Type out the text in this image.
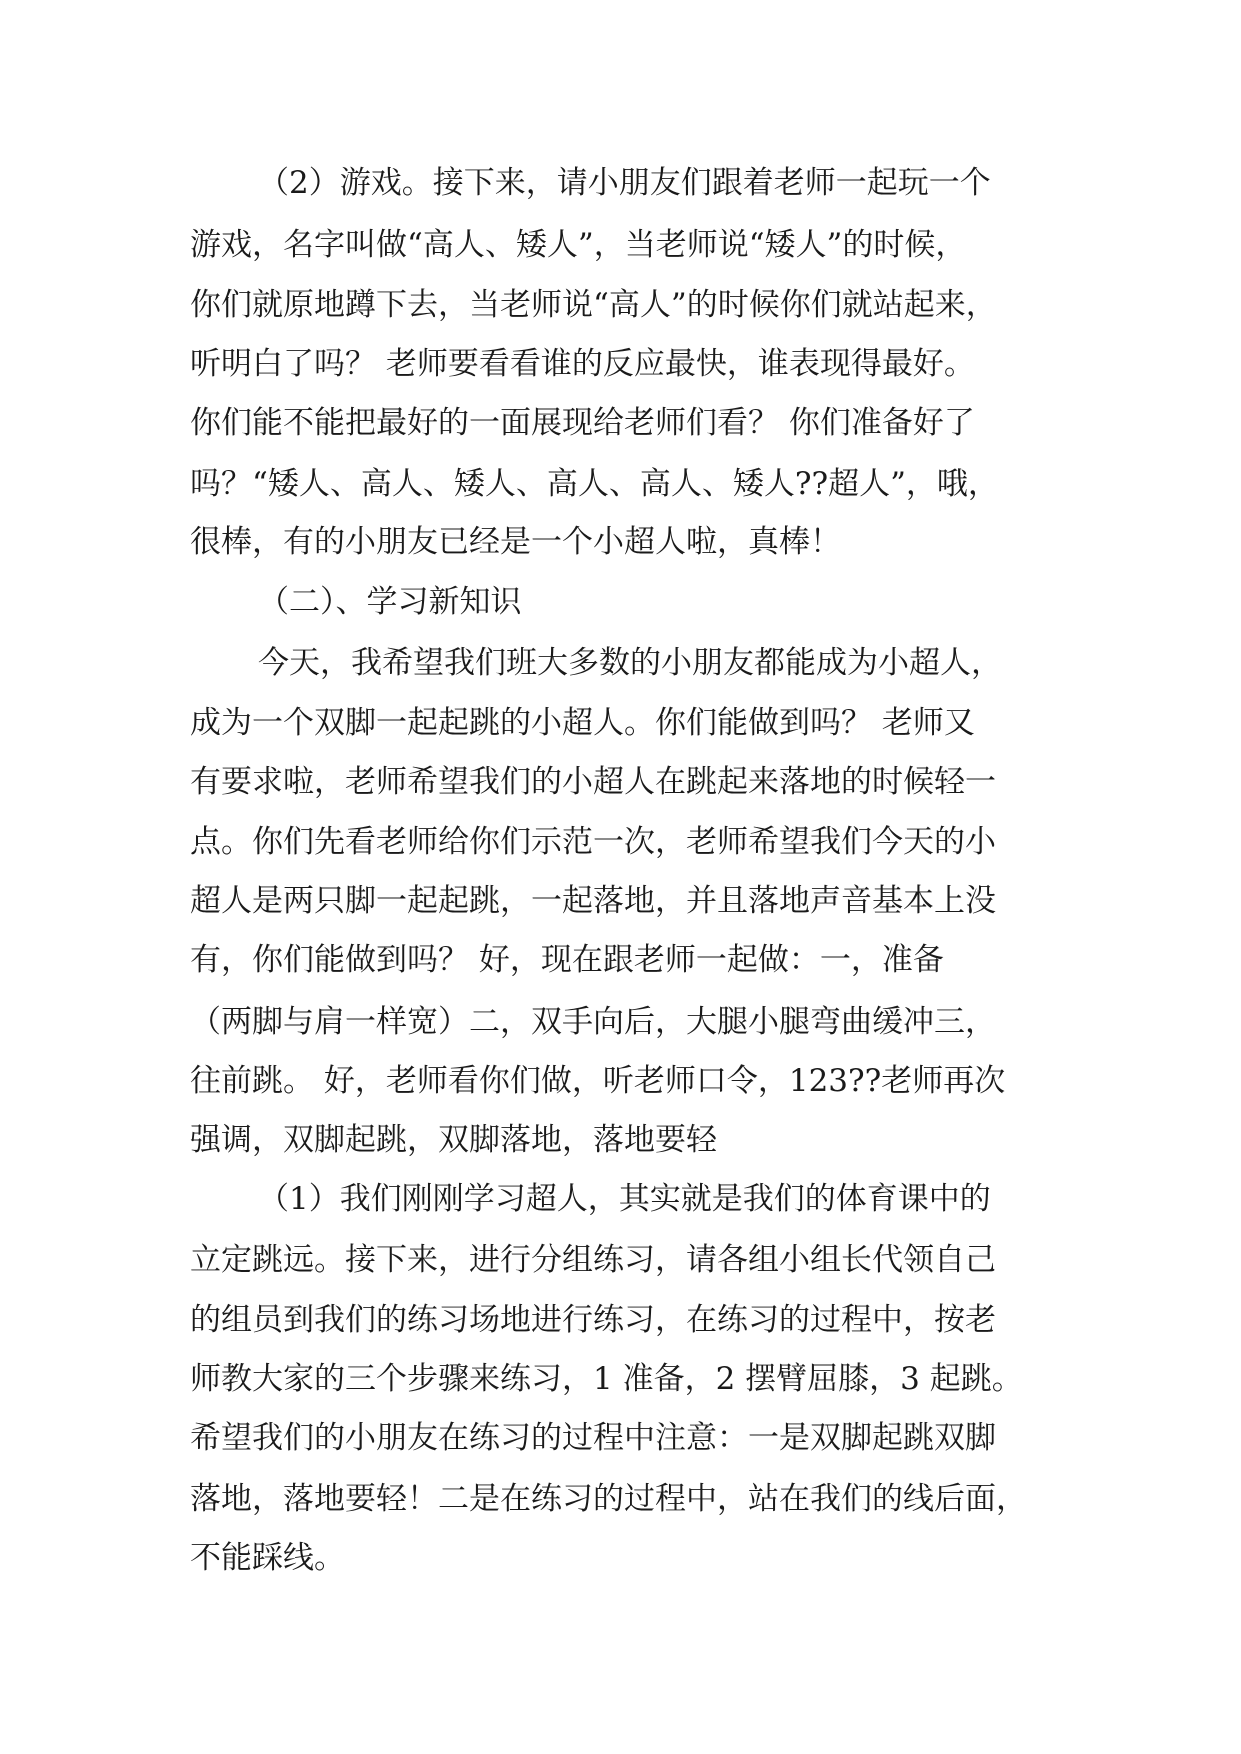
（2）游戏。接下来，请小朋友们跟着老师一起玩一个

游戏，名字叫做“高人、矮人”，当老师说“矮人”的时候，

你们就原地蹲下去，当老师说“高人”的时候你们就站起来，

听明白了吗？ 老师要看看谁的反应最快，谁表现得最好。

你们能不能把最好的一面展现给老师们看？ 你们准备好了

吗？“矮人、高人、矮人、高人、高人、矮人??超人”，哦，

很棒，有的小朋友已经是一个小超人啦，真棒！

（二）、学习新知识

今天，我希望我们班大多数的小朋友都能成为小超人，

成为一个双脚一起起跳的小超人。你们能做到吗？ 老师又

有要求啦，老师希望我们的小超人在跳起来落地的时候轻一

点。你们先看老师给你们示范一次，老师希望我们今天的小

超人是两只脚一起起跳，一起落地，并且落地声音基本上没

有，你们能做到吗？ 好，现在跟老师一起做：一，准备

（两脚与肩一样宽）二，双手向后，大腿小腿弯曲缓冲三，

往前跳。 好，老师看你们做，听老师口令，123??老师再次

强调，双脚起跳，双脚落地，落地要轻

（1）我们刚刚学习超人，其实就是我们的体育课中的

立定跳远。接下来，进行分组练习，请各组小组长代领自己

的组员到我们的练习场地进行练习，在练习的过程中，按老

师教大家的三个步骤来练习，1 准备，2 摆臂屈膝，3 起跳。

希望我们的小朋友在练习的过程中注意：一是双脚起跳双脚

落地，落地要轻！二是在练习的过程中，站在我们的线后面，

不能踩线。
